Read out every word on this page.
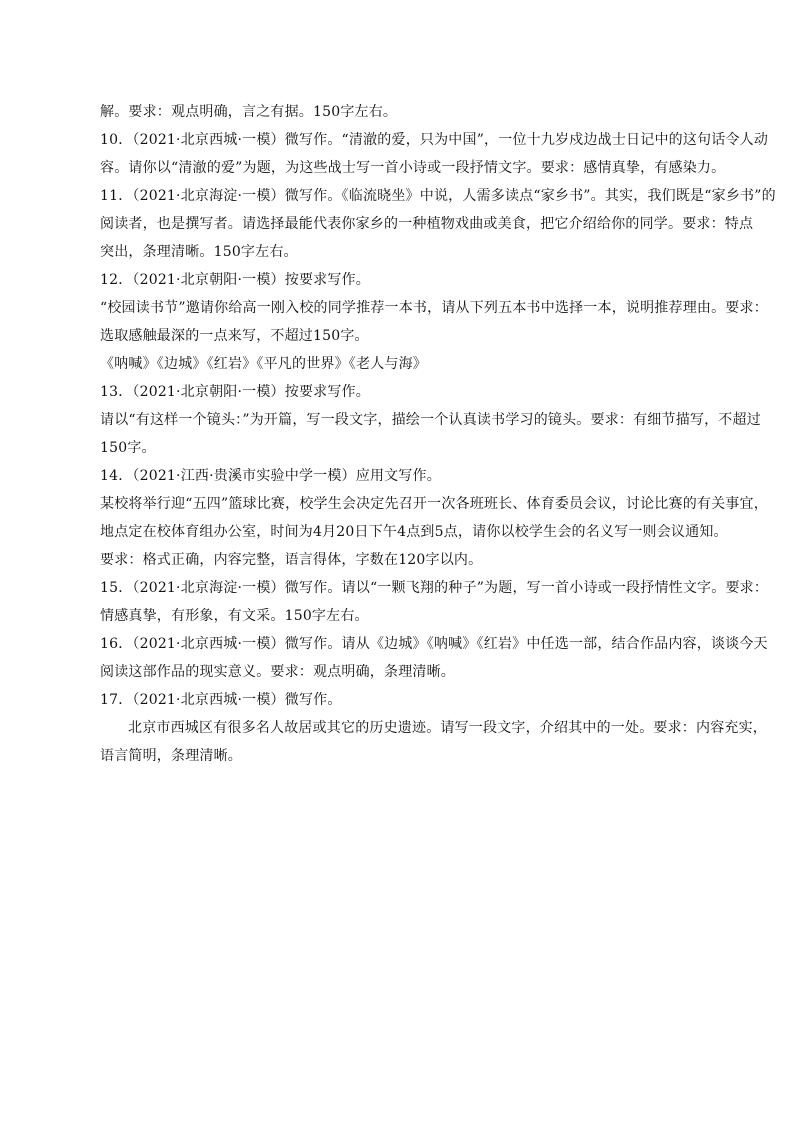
解。要求：观点明确，言之有据。150字左右。
10．（2021·北京西城·一模）微写作。“清澈的爱，只为中国”，一位十九岁戍边战士日记中的这句话令人动
容。请你以“清澈的爱”为题，为这些战士写一首小诗或一段抒情文字。要求：感情真挚，有感染力。
11．（2021·北京海淀·一模）微写作。《临流晓坐》中说，人需多读点“家乡书”。其实，我们既是“家乡书”的
阅读者，也是撰写者。请选择最能代表你家乡的一种植物戏曲或美食，把它介绍给你的同学。要求：特点
突出，条理清晰。150字左右。
12．（2021·北京朝阳·一模）按要求写作。
“校园读书节”邀请你给高一刚入校的同学推荐一本书，请从下列五本书中选择一本，说明推荐理由。要求：
选取感触最深的一点来写，不超过150字。
《呐喊》《边城》《红岩》《平凡的世界》《老人与海》
13．（2021·北京朝阳·一模）按要求写作。
请以“有这样一个镜头：”为开篇，写一段文字，描绘一个认真读书学习的镜头。要求：有细节描写，不超过
150字。
14．（2021·江西·贵溪市实验中学一模）应用文写作。
某校将举行迎“五四”篮球比赛，校学生会决定先召开一次各班班长、体育委员会议，讨论比赛的有关事宜，
地点定在校体育组办公室，时间为4月20日下午4点到5点，请你以校学生会的名义写一则会议通知。
要求：格式正确，内容完整，语言得体，字数在120字以内。
15．（2021·北京海淀·一模）微写作。请以“一颗飞翔的种子”为题，写一首小诗或一段抒情性文字。要求：
情感真挚，有形象，有文采。150字左右。
16．（2021·北京西城·一模）微写作。请从《边城》《呐喊》《红岩》中任选一部，结合作品内容，谈谈今天
阅读这部作品的现实意义。要求：观点明确，条理清晰。
17．（2021·北京西城·一模）微写作。
北京市西城区有很多名人故居或其它的历史遗迹。请写一段文字，介绍其中的一处。要求：内容充实，
语言简明，条理清晰。
